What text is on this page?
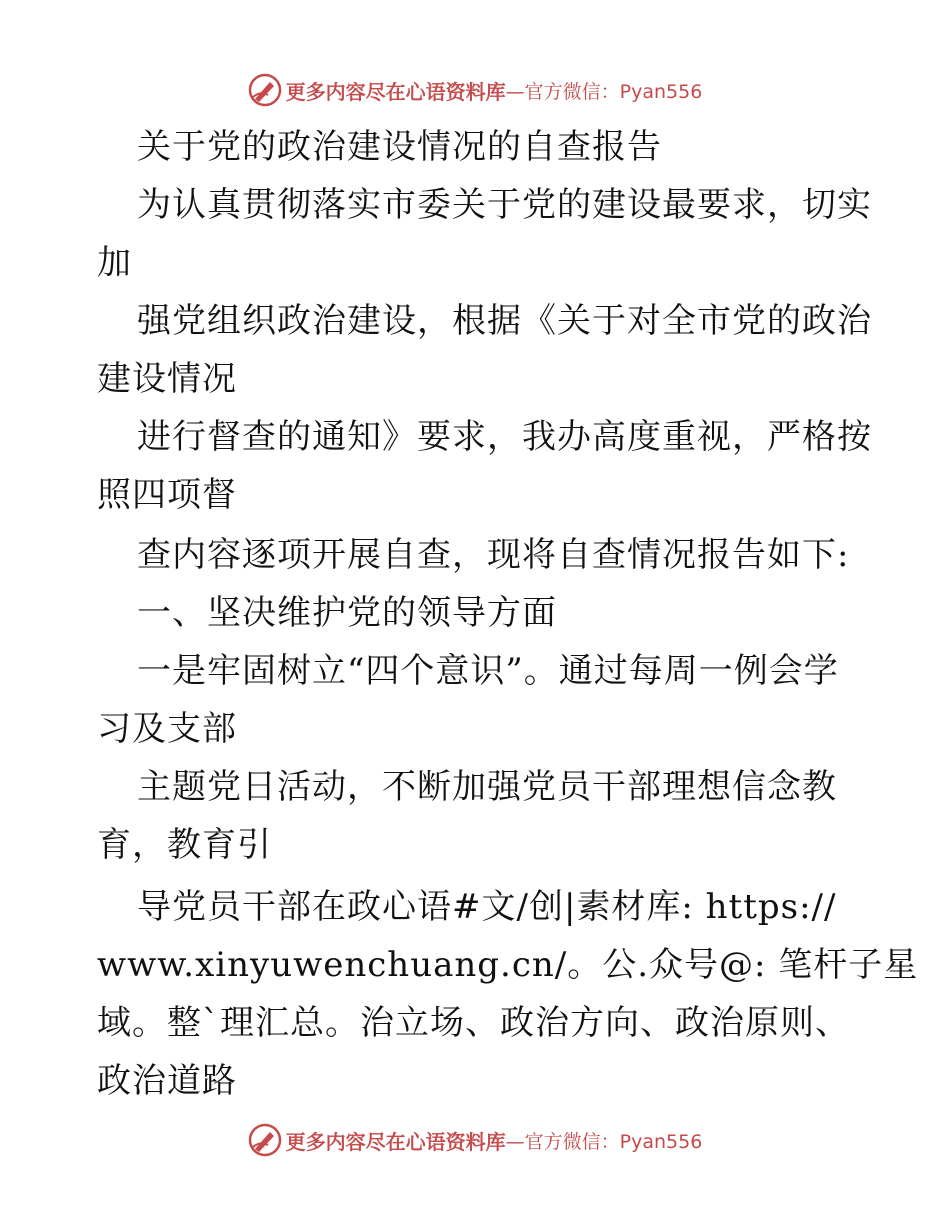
更多内容尽在心语资料库 —官方微信：Pyan556
关于党的政治建设情况的自查报告
为认真贯彻落实市委关于党的建设最要求，切实
加
强党组织政治建设，根据《关于对全市党的政治
建设情况
进行督查的通知》要求，我办高度重视，严格按
照四项督
查内容逐项开展自查，现将自查情况报告如下:
一、坚决维护党的领导方面
一是牢固树立“四个意识”。通过每周一例会学
习及支部
主题党日活动，不断加强党员干部理想信念教
育，教育引
导党员干部在政心语#文/创|素材库: https://
www.xinyuwenchuang.cn/。公.众号@: 笔杆子星
域。整`理汇总。治立场、政治方向、政治原则、
政治道路
更多内容尽在心语资料库 —官方微信：Pyan556
